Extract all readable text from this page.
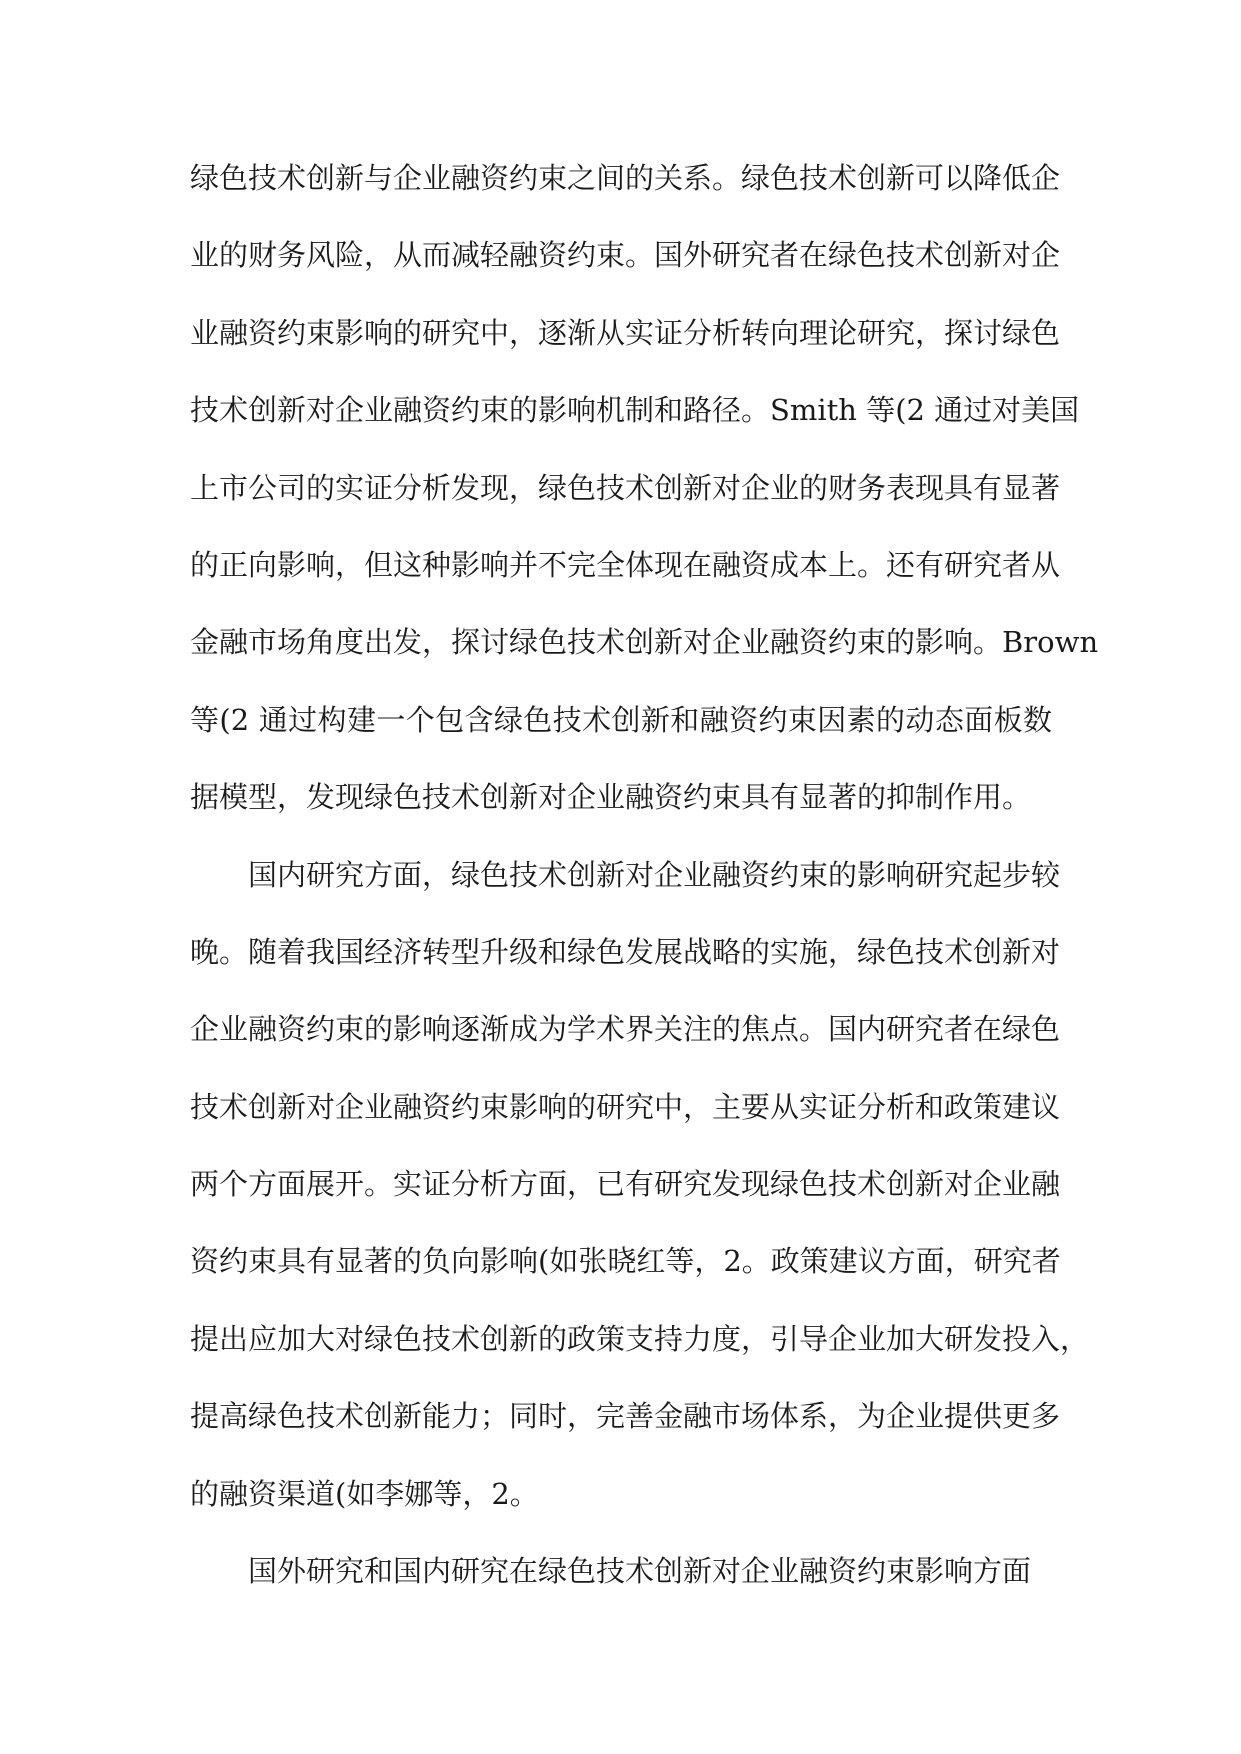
绿色技术创新与企业融资约束之间的关系。绿色技术创新可以降低企
业的财务风险，从而减轻融资约束。国外研究者在绿色技术创新对企
业融资约束影响的研究中，逐渐从实证分析转向理论研究，探讨绿色
技术创新对企业融资约束的影响机制和路径。Smith 等(2 通过对美国
上市公司的实证分析发现，绿色技术创新对企业的财务表现具有显著
的正向影响，但这种影响并不完全体现在融资成本上。还有研究者从
金融市场角度出发，探讨绿色技术创新对企业融资约束的影响。Brown
等(2 通过构建一个包含绿色技术创新和融资约束因素的动态面板数
据模型，发现绿色技术创新对企业融资约束具有显著的抑制作用。
国内研究方面，绿色技术创新对企业融资约束的影响研究起步较
晚。随着我国经济转型升级和绿色发展战略的实施，绿色技术创新对
企业融资约束的影响逐渐成为学术界关注的焦点。国内研究者在绿色
技术创新对企业融资约束影响的研究中，主要从实证分析和政策建议
两个方面展开。实证分析方面，已有研究发现绿色技术创新对企业融
资约束具有显著的负向影响(如张晓红等，2。政策建议方面，研究者
提出应加大对绿色技术创新的政策支持力度，引导企业加大研发投入，
提高绿色技术创新能力；同时，完善金融市场体系，为企业提供更多
的融资渠道(如李娜等，2。
国外研究和国内研究在绿色技术创新对企业融资约束影响方面
